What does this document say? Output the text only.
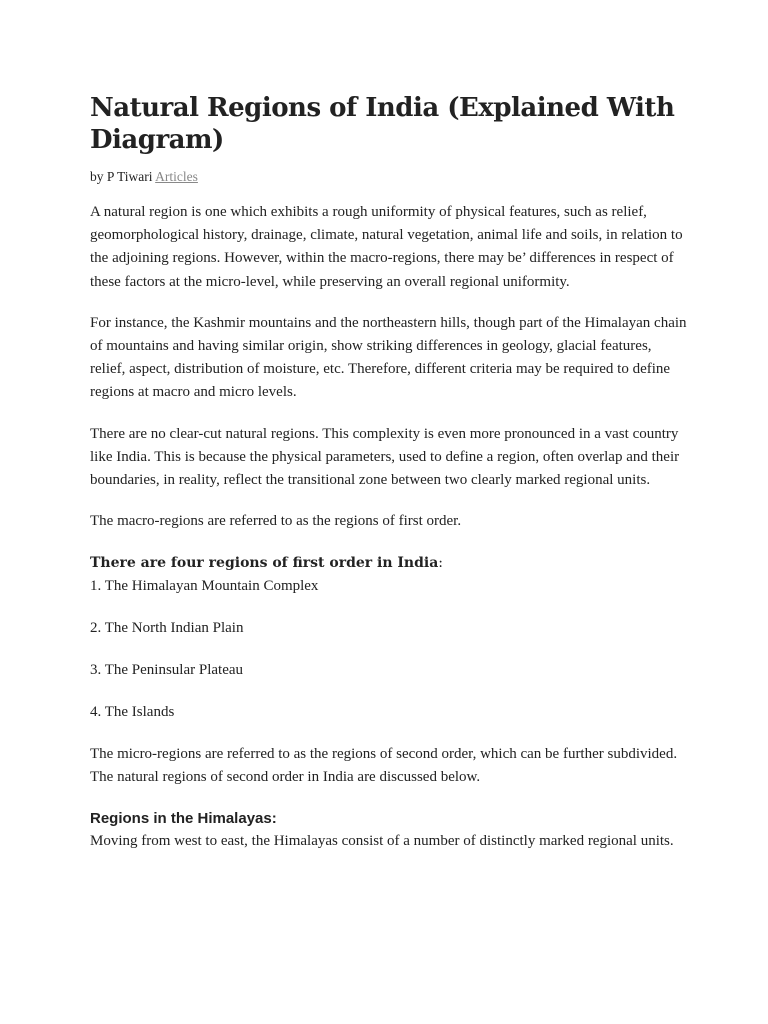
Natural Regions of India (Explained With Diagram)
by P Tiwari Articles

A natural region is one which exhibits a rough uniformity of physical features, such as relief, geomorphological history, drainage, climate, natural vegetation, animal life and soils, in relation to the adjoining regions. However, within the macro-regions, there may be’ differences in respect of these factors at the micro-level, while preserving an overall regional uniformity.

For instance, the Kashmir mountains and the northeastern hills, though part of the Himalayan chain of mountains and having similar origin, show striking differences in geology, glacial features, relief, aspect, distribution of moisture, etc. Therefore, different criteria may be required to define regions at macro and micro levels.

There are no clear-cut natural regions. This complexity is even more pronounced in a vast country like India. This is because the physical parameters, used to define a region, often overlap and their boundaries, in reality, reflect the transitional zone between two clearly marked regional units.

The macro-regions are referred to as the regions of first order.

There are four regions of first order in India:

1. The Himalayan Mountain Complex

2. The North Indian Plain

3. The Peninsular Plateau

4. The Islands

The micro-regions are referred to as the regions of second order, which can be further subdivided. The natural regions of second order in India are discussed below.

Regions in the Himalayas:

Moving from west to east, the Himalayas consist of a number of distinctly marked regional units.
